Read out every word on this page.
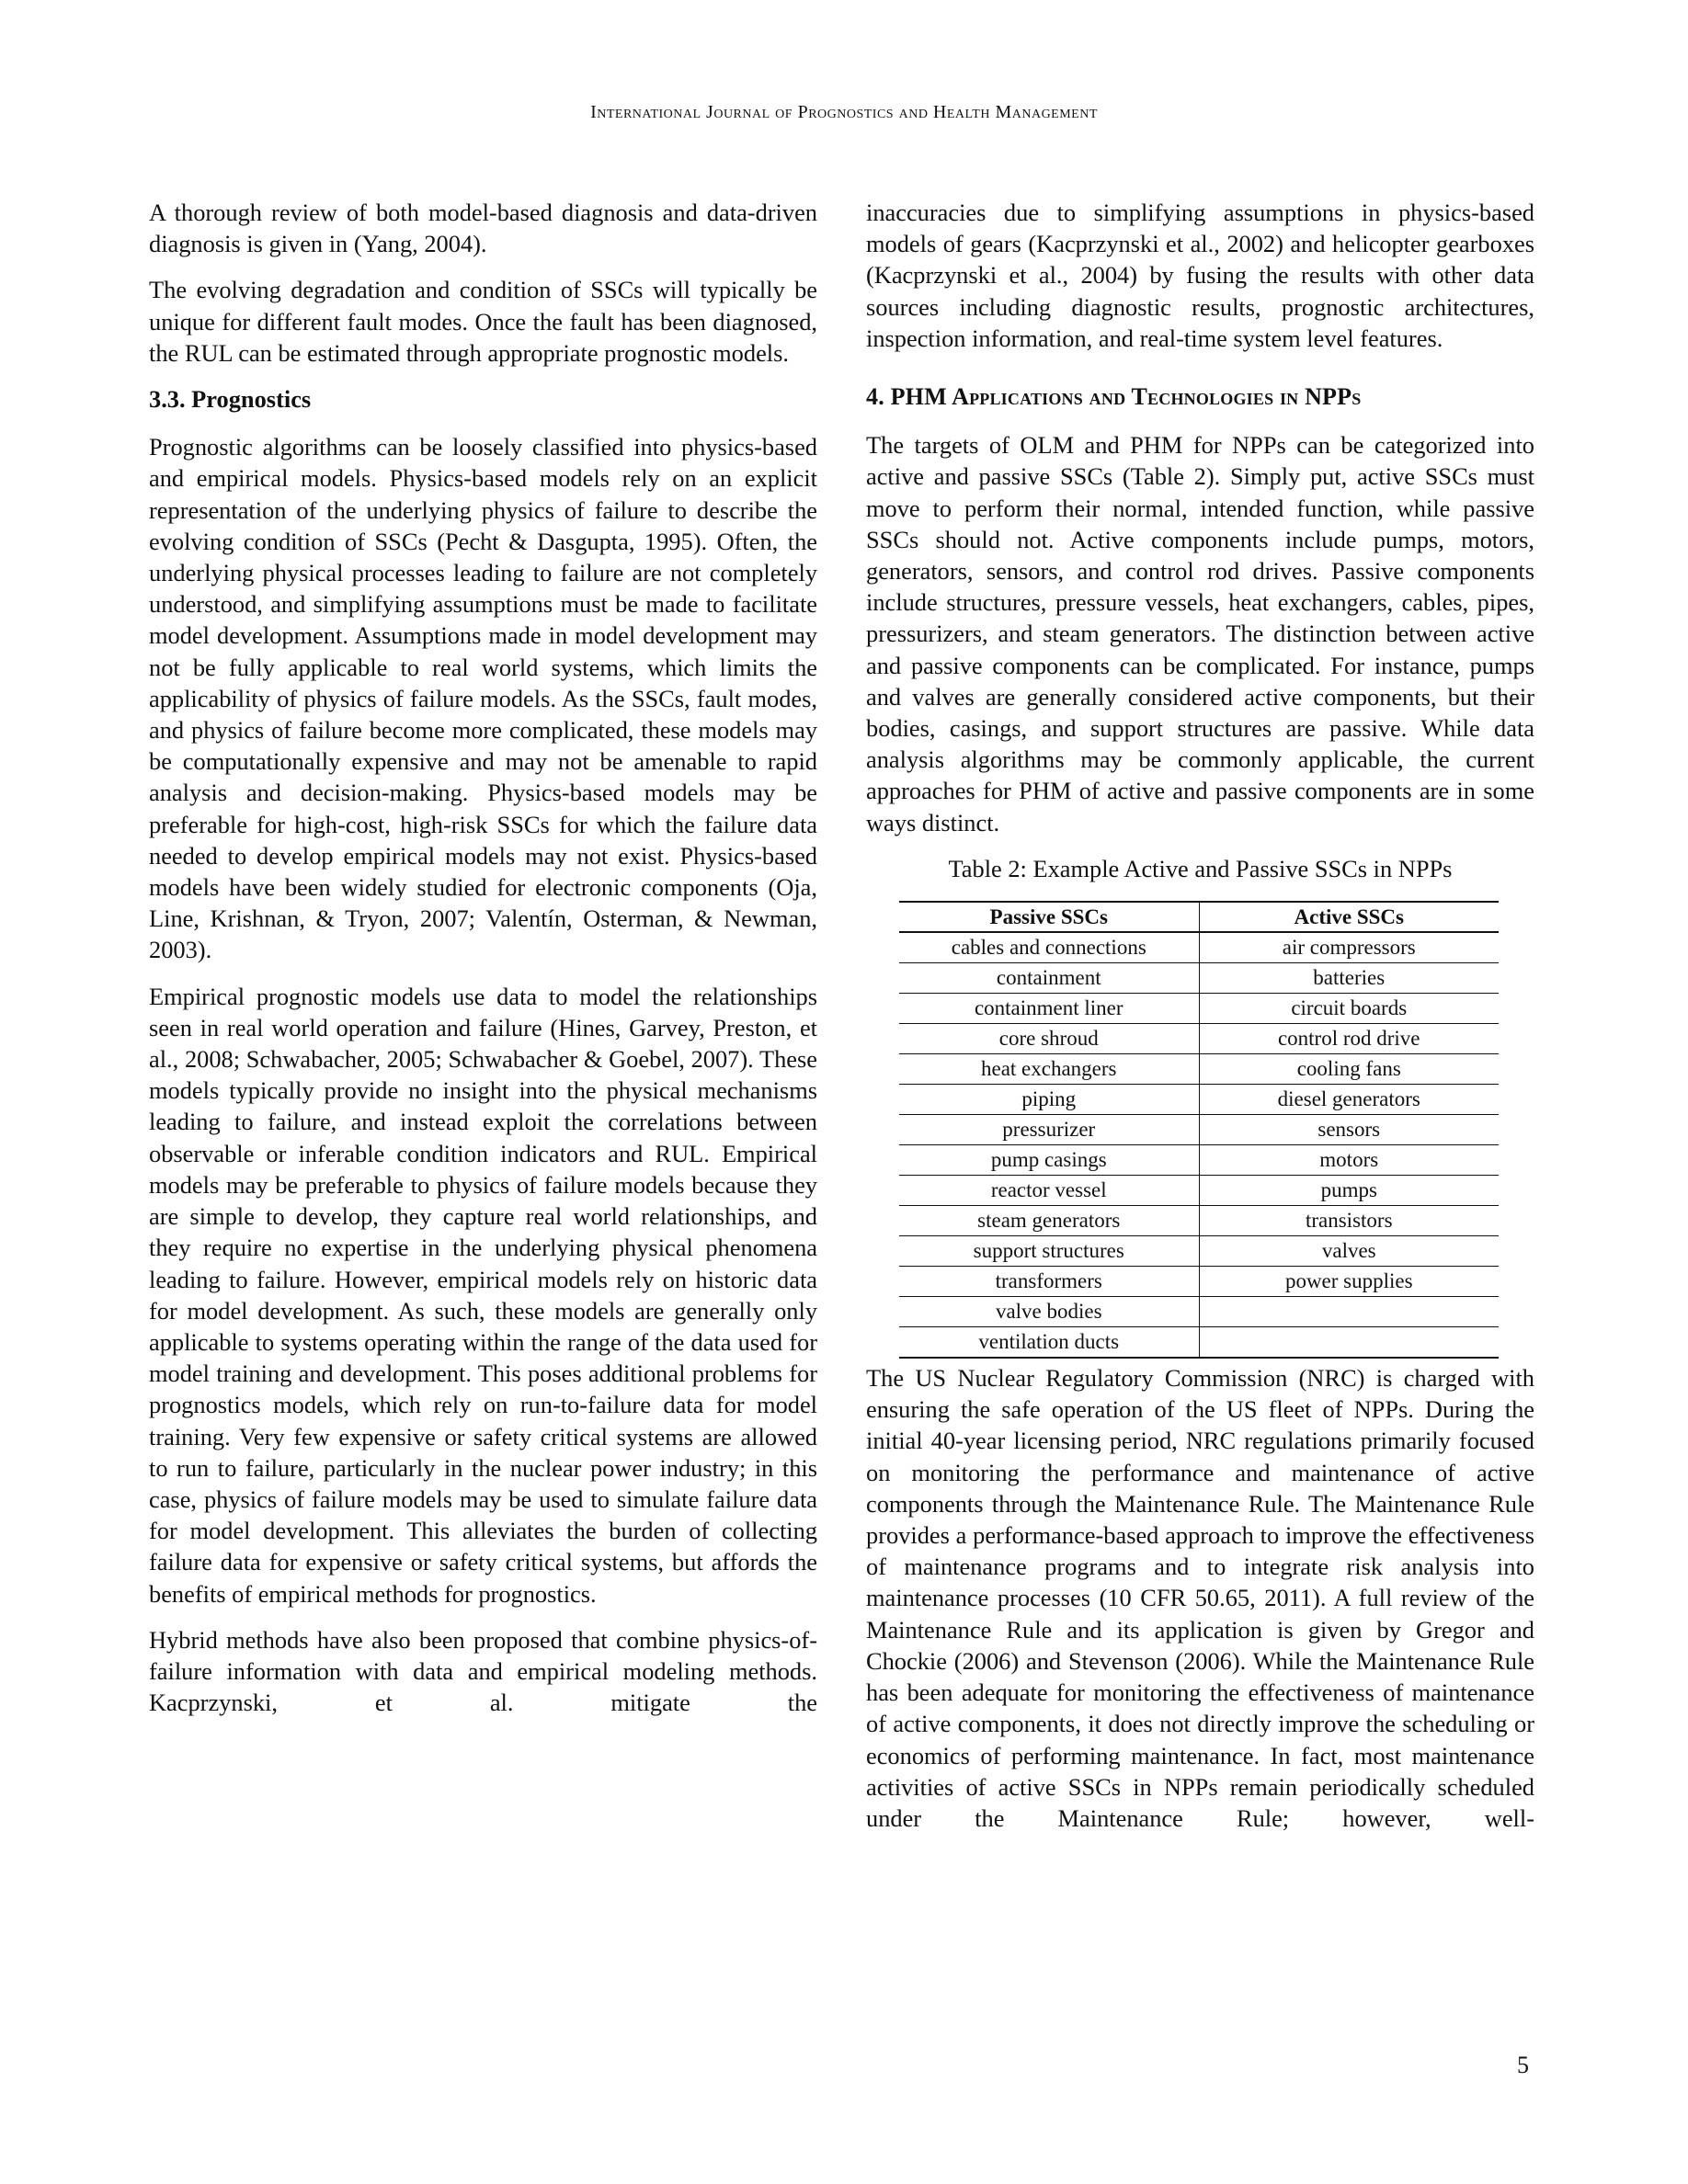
International Journal of Prognostics and Health Management

A thorough review of both model-based diagnosis and data-driven diagnosis is given in (Yang, 2004).

The evolving degradation and condition of SSCs will typically be unique for different fault modes. Once the fault has been diagnosed, the RUL can be estimated through appropriate prognostic models.

3.3. Prognostics

Prognostic algorithms can be loosely classified into physics-based and empirical models. Physics-based models rely on an explicit representation of the underlying physics of failure to describe the evolving condition of SSCs (Pecht & Dasgupta, 1995). Often, the underlying physical processes leading to failure are not completely understood, and simplifying assumptions must be made to facilitate model development. Assumptions made in model development may not be fully applicable to real world systems, which limits the applicability of physics of failure models. As the SSCs, fault modes, and physics of failure become more complicated, these models may be computationally expensive and may not be amenable to rapid analysis and decision-making. Physics-based models may be preferable for high-cost, high-risk SSCs for which the failure data needed to develop empirical models may not exist. Physics-based models have been widely studied for electronic components (Oja, Line, Krishnan, & Tryon, 2007; Valentín, Osterman, & Newman, 2003).

Empirical prognostic models use data to model the relationships seen in real world operation and failure (Hines, Garvey, Preston, et al., 2008; Schwabacher, 2005; Schwabacher & Goebel, 2007). These models typically provide no insight into the physical mechanisms leading to failure, and instead exploit the correlations between observable or inferable condition indicators and RUL. Empirical models may be preferable to physics of failure models because they are simple to develop, they capture real world relationships, and they require no expertise in the underlying physical phenomena leading to failure. However, empirical models rely on historic data for model development. As such, these models are generally only applicable to systems operating within the range of the data used for model training and development. This poses additional problems for prognostics models, which rely on run-to-failure data for model training. Very few expensive or safety critical systems are allowed to run to failure, particularly in the nuclear power industry; in this case, physics of failure models may be used to simulate failure data for model development. This alleviates the burden of collecting failure data for expensive or safety critical systems, but affords the benefits of empirical methods for prognostics.

Hybrid methods have also been proposed that combine physics-of-failure information with data and empirical modeling methods. Kacprzynski, et al. mitigate the

inaccuracies due to simplifying assumptions in physics-based models of gears (Kacprzynski et al., 2002) and helicopter gearboxes (Kacprzynski et al., 2004) by fusing the results with other data sources including diagnostic results, prognostic architectures, inspection information, and real-time system level features.

4. PHM Applications and Technologies in NPPs

The targets of OLM and PHM for NPPs can be categorized into active and passive SSCs (Table 2). Simply put, active SSCs must move to perform their normal, intended function, while passive SSCs should not. Active components include pumps, motors, generators, sensors, and control rod drives. Passive components include structures, pressure vessels, heat exchangers, cables, pipes, pressurizers, and steam generators. The distinction between active and passive components can be complicated. For instance, pumps and valves are generally considered active components, but their bodies, casings, and support structures are passive. While data analysis algorithms may be commonly applicable, the current approaches for PHM of active and passive components are in some ways distinct.

Table 2: Example Active and Passive SSCs in NPPs
Passive SSCs	Active SSCs
cables and connections	air compressors
containment	batteries
containment liner	circuit boards
core shroud	control rod drive
heat exchangers	cooling fans
piping	diesel generators
pressurizer	sensors
pump casings	motors
reactor vessel	pumps
steam generators	transistors
support structures	valves
transformers	power supplies
valve bodies	
ventilation ducts	

The US Nuclear Regulatory Commission (NRC) is charged with ensuring the safe operation of the US fleet of NPPs. During the initial 40-year licensing period, NRC regulations primarily focused on monitoring the performance and maintenance of active components through the Maintenance Rule. The Maintenance Rule provides a performance-based approach to improve the effectiveness of maintenance programs and to integrate risk analysis into maintenance processes (10 CFR 50.65, 2011). A full review of the Maintenance Rule and its application is given by Gregor and Chockie (2006) and Stevenson (2006). While the Maintenance Rule has been adequate for monitoring the effectiveness of maintenance of active components, it does not directly improve the scheduling or economics of performing maintenance. In fact, most maintenance activities of active SSCs in NPPs remain periodically scheduled under the Maintenance Rule; however, well-

5
